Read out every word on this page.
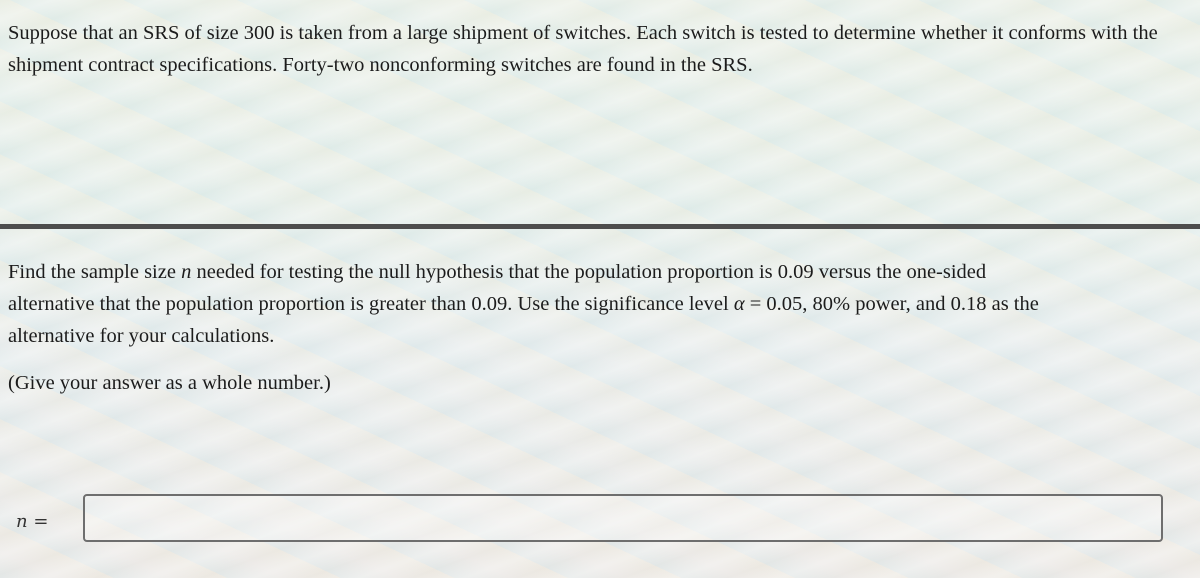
Suppose that an SRS of size 300 is taken from a large shipment of switches. Each switch is tested to determine whether it conforms with the shipment contract specifications. Forty-two nonconforming switches are found in the SRS.
Find the sample size n needed for testing the null hypothesis that the population proportion is 0.09 versus the one-sided
alternative that the population proportion is greater than 0.09. Use the significance level α = 0.05, 80% power, and 0.18 as the
alternative for your calculations.
(Give your answer as a whole number.)
n =
